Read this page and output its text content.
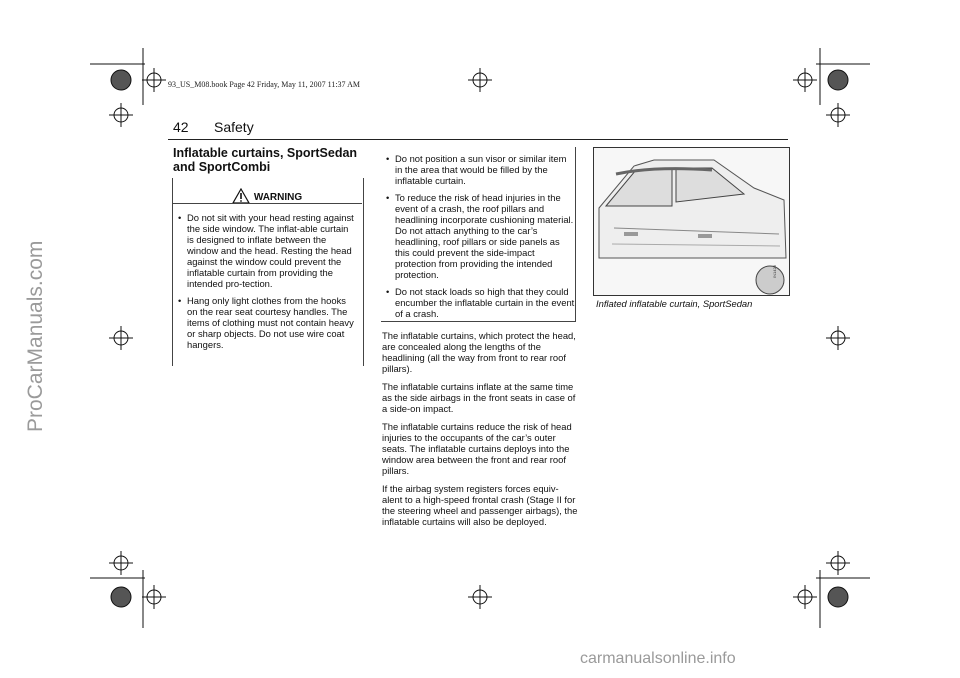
93_US_M08.book Page 42 Friday, May 11, 2007 11:37 AM
42 Safety
Inflatable curtains, SportSedan and SportCombi
WARNING
• Do not sit with your head resting against the side window. The inflat-able curtain is designed to inflate between the window and the head. Resting the head against the window could prevent the inflatable curtain from providing the intended pro-tection.
• Hang only light clothes from the hooks on the rear seat courtesy handles. The items of clothing must not contain heavy or sharp objects. Do not use wire coat hangers.
• Do not position a sun visor or similar item in the area that would be filled by the inflatable curtain.
• To reduce the risk of head injuries in the event of a crash, the roof pillars and headlining incorporate cushioning material. Do not attach anything to the car’s headlining, roof pillars or side panels as this could prevent the side-impact protection from providing the intended protection.
• Do not stack loads so high that they could encumber the inflatable curtain in the event of a crash.
The inflatable curtains, which protect the head, are concealed along the lengths of the headlining (all the way from front to rear roof pillars).
The inflatable curtains inflate at the same time as the side airbags in the front seats in case of a side-on impact.
The inflatable curtains reduce the risk of head injuries to the occupants of the car’s outer seats. The inflatable curtains deploys into the window area between the front and rear roof pillars.
If the airbag system registers forces equiv-alent to a high-speed frontal crash (Stage II for the steering wheel and passenger airbags), the inflatable curtains will also be deployed.
IN1428
Inflated inflatable curtain, SportSedan
ProCarManuals.com
carmanualsonline.info
